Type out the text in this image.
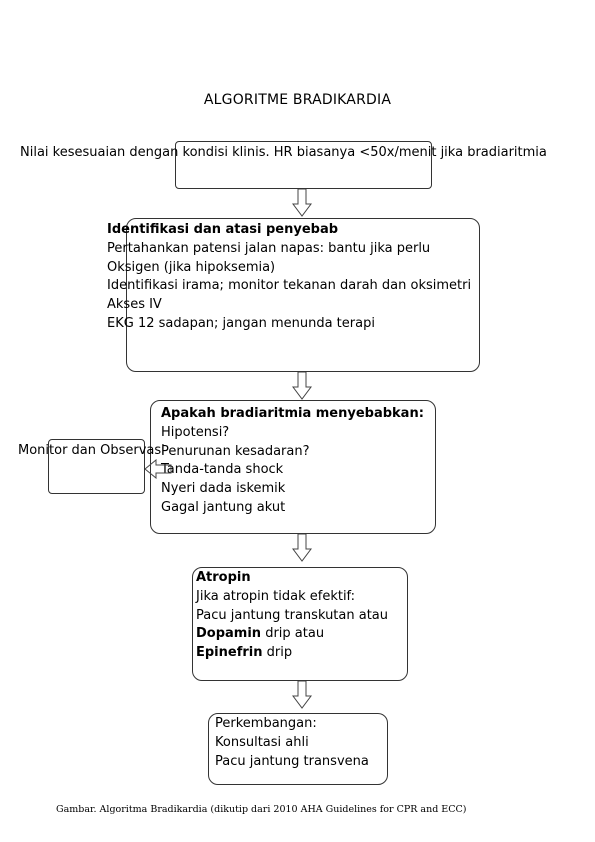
ALGORITME BRADIKARDIA
Nilai kesesuaian dengan kondisi klinis. HR biasanya <50x/menit jika bradiaritmia
Identifikasi dan atasi penyebab
Pertahankan patensi jalan napas: bantu jika perlu
Oksigen (jika hipoksemia)
Identifikasi irama; monitor tekanan darah dan oksimetri
Akses IV
EKG 12 sadapan; jangan menunda terapi
Apakah bradiaritmia menyebabkan:
Hipotensi?
Penurunan kesadaran?
Tanda-tanda shock
Nyeri dada iskemik
Gagal jantung akut
Monitor dan Observasi
Atropin
Jika atropin tidak efektif:
Pacu jantung transkutan atau
Dopamin drip atau
Epinefrin drip
Perkembangan:
Konsultasi ahli
Pacu jantung transvena
Gambar. Algoritma Bradikardia (dikutip dari 2010 AHA Guidelines for CPR and ECC)
